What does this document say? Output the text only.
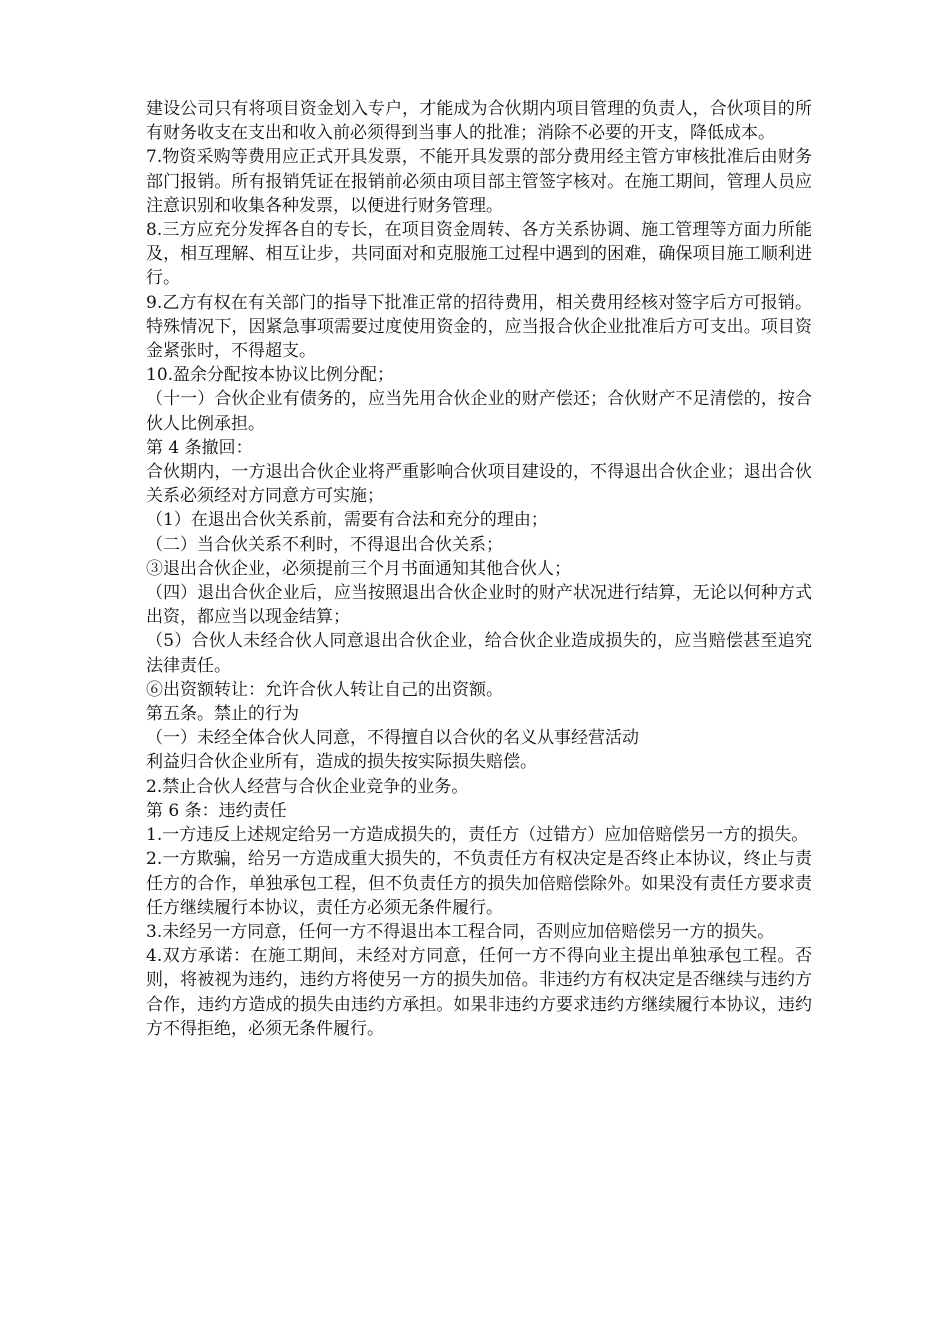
建设公司只有将项目资金划入专户，才能成为合伙期内项目管理的负责人，合伙项目的所有财务收支在支出和收入前必须得到当事人的批准；消除不必要的开支，降低成本。

7.物资采购等费用应正式开具发票，不能开具发票的部分费用经主管方审核批准后由财务部门报销。所有报销凭证在报销前必须由项目部主管签字核对。在施工期间，管理人员应注意识别和收集各种发票，以便进行财务管理。

8.三方应充分发挥各自的专长，在项目资金周转、各方关系协调、施工管理等方面力所能及，相互理解、相互让步，共同面对和克服施工过程中遇到的困难，确保项目施工顺利进行。

9.乙方有权在有关部门的指导下批准正常的招待费用，相关费用经核对签字后方可报销。特殊情况下，因紧急事项需要过度使用资金的，应当报合伙企业批准后方可支出。项目资金紧张时，不得超支。

10.盈余分配按本协议比例分配；

（十一）合伙企业有债务的，应当先用合伙企业的财产偿还；合伙财产不足清偿的，按合伙人比例承担。

第 4 条撤回：

合伙期内，一方退出合伙企业将严重影响合伙项目建设的，不得退出合伙企业；退出合伙关系必须经对方同意方可实施；

（1）在退出合伙关系前，需要有合法和充分的理由；

（二）当合伙关系不利时，不得退出合伙关系；

③退出合伙企业，必须提前三个月书面通知其他合伙人；

（四）退出合伙企业后，应当按照退出合伙企业时的财产状况进行结算，无论以何种方式出资，都应当以现金结算；

（5）合伙人未经合伙人同意退出合伙企业，给合伙企业造成损失的，应当赔偿甚至追究法律责任。

⑥出资额转让：允许合伙人转让自己的出资额。

第五条。禁止的行为

（一）未经全体合伙人同意，不得擅自以合伙的名义从事经营活动

利益归合伙企业所有，造成的损失按实际损失赔偿。

2.禁止合伙人经营与合伙企业竞争的业务。

第 6 条：违约责任

1.一方违反上述规定给另一方造成损失的，责任方（过错方）应加倍赔偿另一方的损失。

2.一方欺骗，给另一方造成重大损失的，不负责任方有权决定是否终止本协议，终止与责任方的合作，单独承包工程，但不负责任方的损失加倍赔偿除外。如果没有责任方要求责任方继续履行本协议，责任方必须无条件履行。

3.未经另一方同意，任何一方不得退出本工程合同，否则应加倍赔偿另一方的损失。

4.双方承诺：在施工期间，未经对方同意，任何一方不得向业主提出单独承包工程。否则，将被视为违约，违约方将使另一方的损失加倍。非违约方有权决定是否继续与违约方合作，违约方造成的损失由违约方承担。如果非违约方要求违约方继续履行本协议，违约方不得拒绝，必须无条件履行。
